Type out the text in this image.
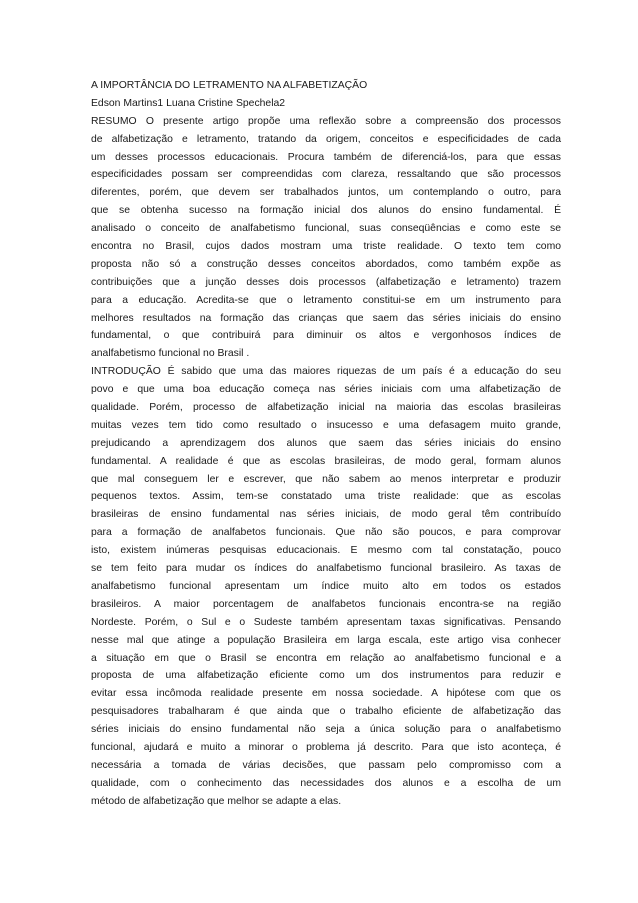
A IMPORTÂNCIA DO LETRAMENTO NA ALFABETIZAÇÃO
Edson Martins1 Luana Cristine Spechela2
RESUMO O presente artigo propõe uma reflexão sobre a compreensão dos processos
de alfabetização e letramento, tratando da origem, conceitos e especificidades de cada
um desses processos educacionais. Procura também de diferenciá-los, para que essas
especificidades possam ser compreendidas com clareza, ressaltando que são processos
diferentes, porém, que devem ser trabalhados juntos, um contemplando o outro, para
que se obtenha sucesso na formação inicial dos alunos do ensino fundamental. É
analisado o conceito de analfabetismo funcional, suas conseqüências e como este se
encontra no Brasil, cujos dados mostram uma triste realidade. O texto tem como
proposta não só a construção desses conceitos abordados, como também expõe as
contribuições que a junção desses dois processos (alfabetização e letramento) trazem
para a educação. Acredita-se que o letramento constitui-se em um instrumento para
melhores resultados na formação das crianças que saem das séries iniciais do ensino
fundamental, o que contribuirá para diminuir os altos e vergonhosos índices de
analfabetismo funcional no Brasil .
INTRODUÇÃO É sabido que uma das maiores riquezas de um país é a educação do seu
povo e que uma boa educação começa nas séries iniciais com uma alfabetização de
qualidade. Porém, processo de alfabetização inicial na maioria das escolas brasileiras
muitas vezes tem tido como resultado o insucesso e uma defasagem muito grande,
prejudicando a aprendizagem dos alunos que saem das séries iniciais do ensino
fundamental. A realidade é que as escolas brasileiras, de modo geral, formam alunos
que mal conseguem ler e escrever, que não sabem ao menos interpretar e produzir
pequenos textos. Assim, tem-se constatado uma triste realidade: que as escolas
brasileiras de ensino fundamental nas séries iniciais, de modo geral têm contribuído
para a formação de analfabetos funcionais. Que não são poucos, e para comprovar
isto, existem inúmeras pesquisas educacionais. E mesmo com tal constatação, pouco
se tem feito para mudar os índices do analfabetismo funcional brasileiro. As taxas de
analfabetismo funcional apresentam um índice muito alto em todos os estados
brasileiros. A maior porcentagem de analfabetos funcionais encontra-se na região
Nordeste. Porém, o Sul e o Sudeste também apresentam taxas significativas. Pensando
nesse mal que atinge a população Brasileira em larga escala, este artigo visa conhecer
a situação em que o Brasil se encontra em relação ao analfabetismo funcional e a
proposta de uma alfabetização eficiente como um dos instrumentos para reduzir e
evitar essa incômoda realidade presente em nossa sociedade. A hipótese com que os
pesquisadores trabalharam é que ainda que o trabalho eficiente de alfabetização das
séries iniciais do ensino fundamental não seja a única solução para o analfabetismo
funcional, ajudará e muito a minorar o problema já descrito. Para que isto aconteça, é
necessária a tomada de várias decisões, que passam pelo compromisso com a
qualidade, com o conhecimento das necessidades dos alunos e a escolha de um
método de alfabetização que melhor se adapte a elas.
